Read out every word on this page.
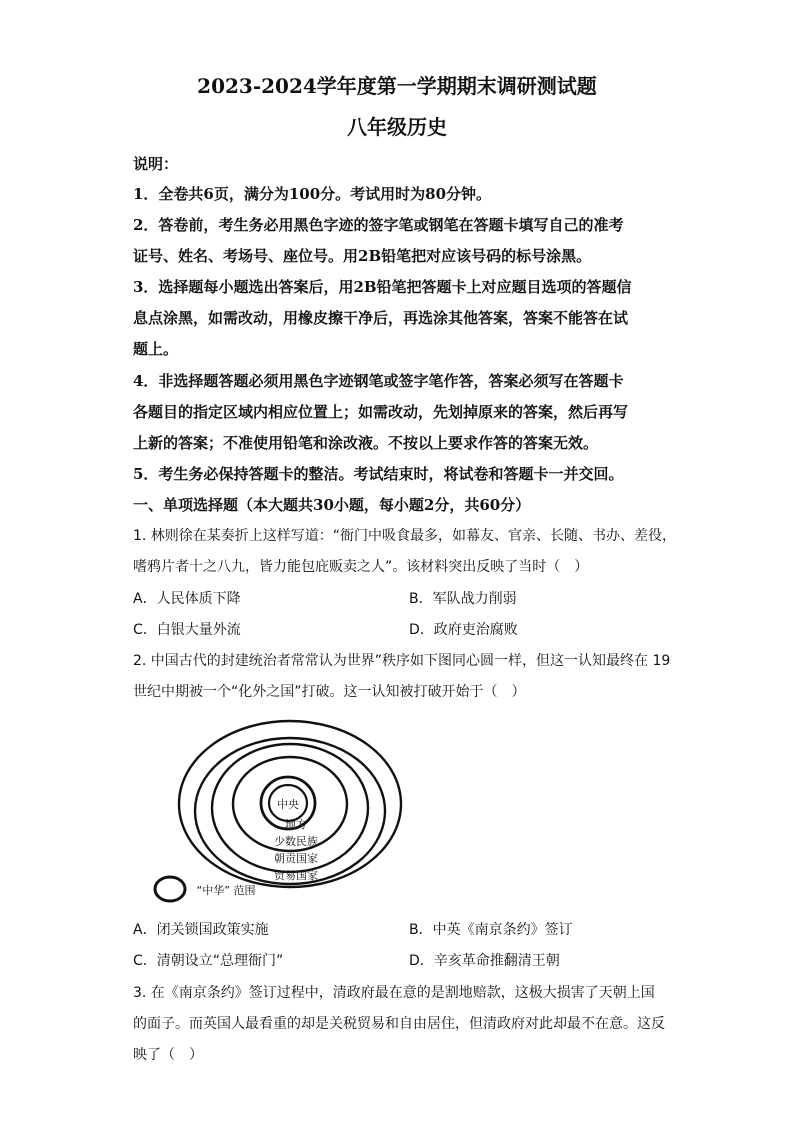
2023-2024学年度第一学期期末调研测试题
八年级历史
说明：
1．全卷共6页，满分为100分。考试用时为80分钟。
2．答卷前，考生务必用黑色字迹的签字笔或钢笔在答题卡填写自己的准考
证号、姓名、考场号、座位号。用2B铅笔把对应该号码的标号涂黑。
3．选择题每小题选出答案后，用2B铅笔把答题卡上对应题目选项的答题信
息点涂黑，如需改动，用橡皮擦干净后，再选涂其他答案，答案不能答在试
题上。
4．非选择题答题必须用黑色字迹钢笔或签字笔作答，答案必须写在答题卡
各题目的指定区域内相应位置上；如需改动，先划掉原来的答案，然后再写
上新的答案；不准使用铅笔和涂改液。不按以上要求作答的答案无效。
5．考生务必保持答题卡的整洁。考试结束时，将试卷和答题卡一并交回。
一、单项选择题（本大题共30小题，每小题2分，共60分）
1. 林则徐在某奏折上这样写道：“衙门中吸食最多，如幕友、官亲、长随、书办、差役，
嗜鸦片者十之八九，皆力能包庇贩卖之人”。该材料突出反映了当时（　）
A．人民体质下降	B．军队战力削弱
C．白银大量外流	D．政府吏治腐败
2. 中国古代的封建统治者常常认为世界”秩序如下图同心圆一样，但这一认知最终在 19
世纪中期被一个“化外之国”打破。这一认知被打破开始于（　）
中央
地方
少数民族
朝贡国家
贸易国家
“中华” 范围
A．闭关锁国政策实施	B．中英《南京条约》签订
C．清朝设立“总理衙门”	D．辛亥革命推翻清王朝
3. 在《南京条约》签订过程中，清政府最在意的是割地赔款，这极大损害了天朝上国
的面子。而英国人最看重的却是关税贸易和自由居住，但清政府对此却最不在意。这反
映了（　）
